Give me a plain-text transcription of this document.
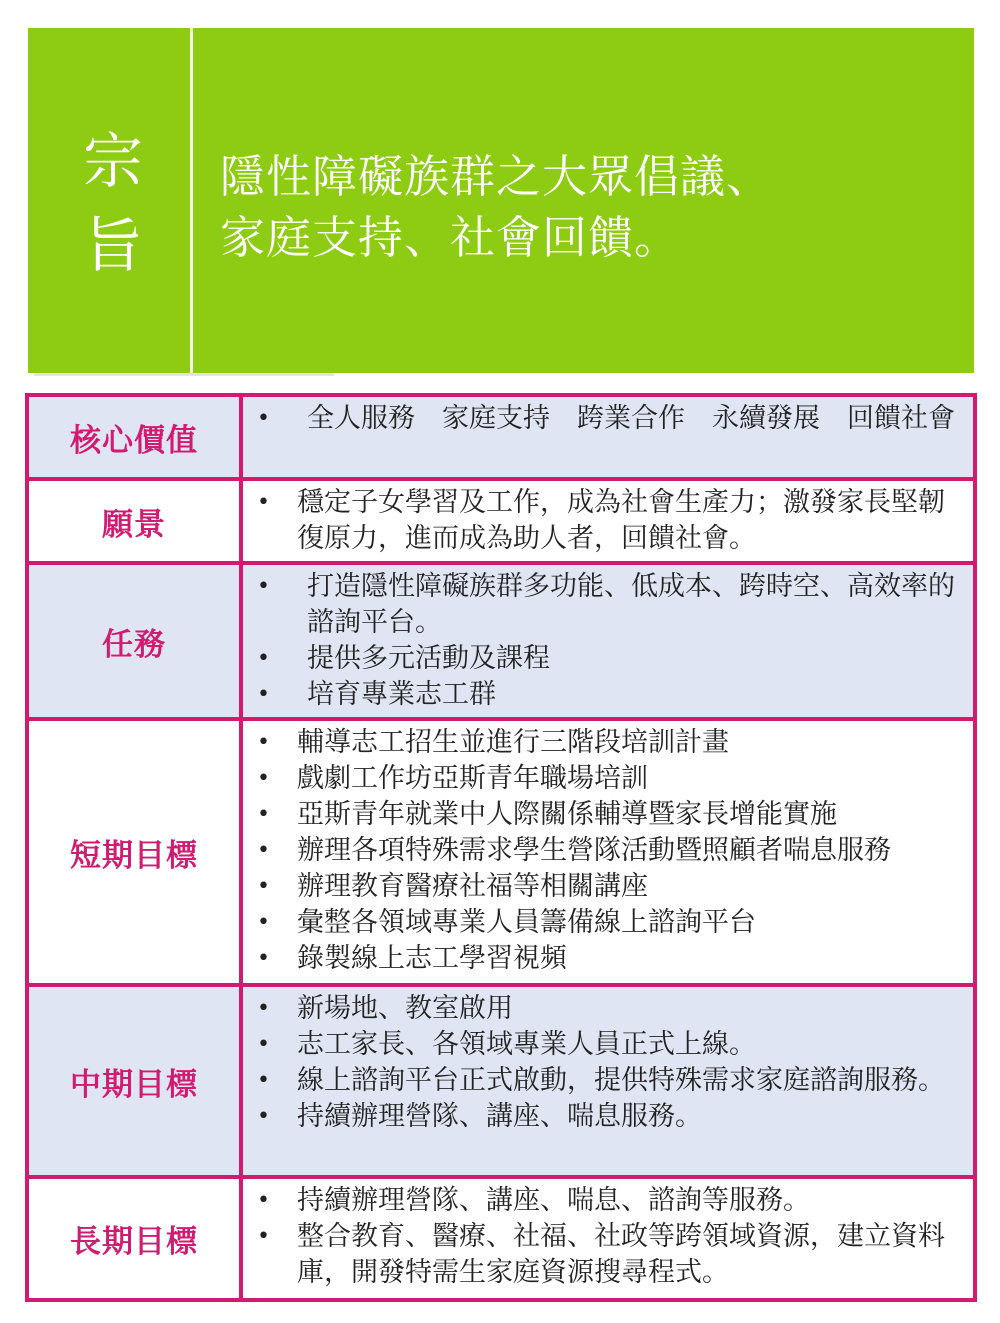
宗
旨
隱性障礙族群之大眾倡議、
家庭支持、社會回饋。
核心價值
• 全人服務　家庭支持　跨業合作　永續發展　回饋社會
願景
• 穩定子女學習及工作，成為社會生產力；激發家長堅韌復原力，進而成為助人者，回饋社會。
任務
• 打造隱性障礙族群多功能、低成本、跨時空、高效率的諮詢平台。
• 提供多元活動及課程
• 培育專業志工群
短期目標
• 輔導志工招生並進行三階段培訓計畫
• 戲劇工作坊亞斯青年職場培訓
• 亞斯青年就業中人際關係輔導暨家長增能實施
• 辦理各項特殊需求學生營隊活動暨照顧者喘息服務
• 辦理教育醫療社福等相關講座
• 彙整各領域專業人員籌備線上諮詢平台
• 錄製線上志工學習視頻
中期目標
• 新場地、教室啟用
• 志工家長、各領域專業人員正式上線。
• 線上諮詢平台正式啟動，提供特殊需求家庭諮詢服務。
• 持續辦理營隊、講座、喘息服務。
長期目標
• 持續辦理營隊、講座、喘息、諮詢等服務。
• 整合教育、醫療、社福、社政等跨領域資源，建立資料庫，開發特需生家庭資源搜尋程式。
